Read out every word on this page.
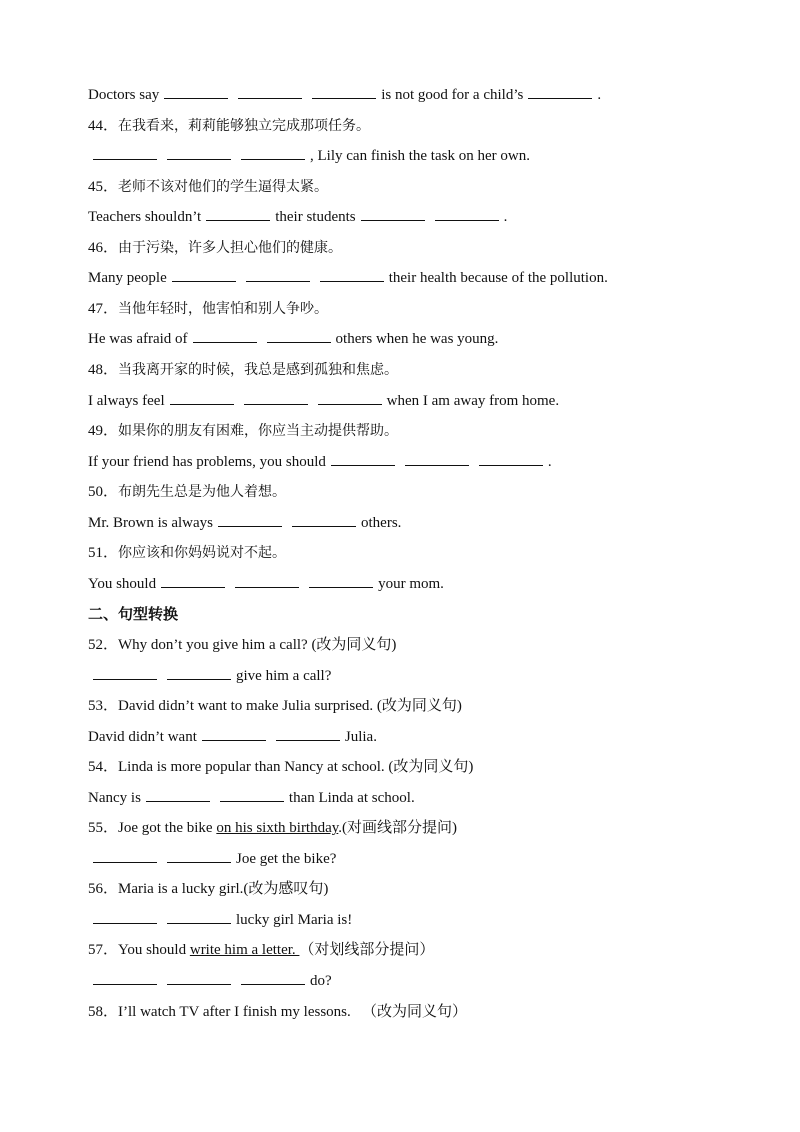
Doctors say	is not good for a child’s	.
44．在我看来，莉莉能够独立完成那项任务。
, Lily can finish the task on her own.
45．老师不该对他们的学生逼得太紧。
Teachers shouldn’t	their students	.
46．由于污染，许多人担心他们的健康。
Many people	their health because of the pollution.
47．当他年轻时，他害怕和别人争吵。
He was afraid of	others when he was young.
48．当我离开家的时候，我总是感到孤独和焦虑。
I always feel	when I am away from home.
49．如果你的朋友有困难，你应当主动提供帮助。
If your friend has problems, you should	.
50．布朗先生总是为他人着想。
Mr. Brown is always	others.
51．你应该和你妈妈说对不起。
You should	your mom.
二、句型转换
52．Why don’t you give him a call? (改为同义句)
give him a call?
53．David didn’t want to make Julia surprised. (改为同义句)
David didn’t want	Julia.
54．Linda is more popular than Nancy at school. (改为同义句)
Nancy is	than Linda at school.
55．Joe got the bike on his sixth birthday.(对画线部分提问)
Joe get the bike?
56．Maria is a lucky girl.(改为感叹句)
lucky girl Maria is!
57．You should write him a letter. （对划线部分提问）
do?
58．I’ll watch TV after I finish my lessons.   （改为同义句）
